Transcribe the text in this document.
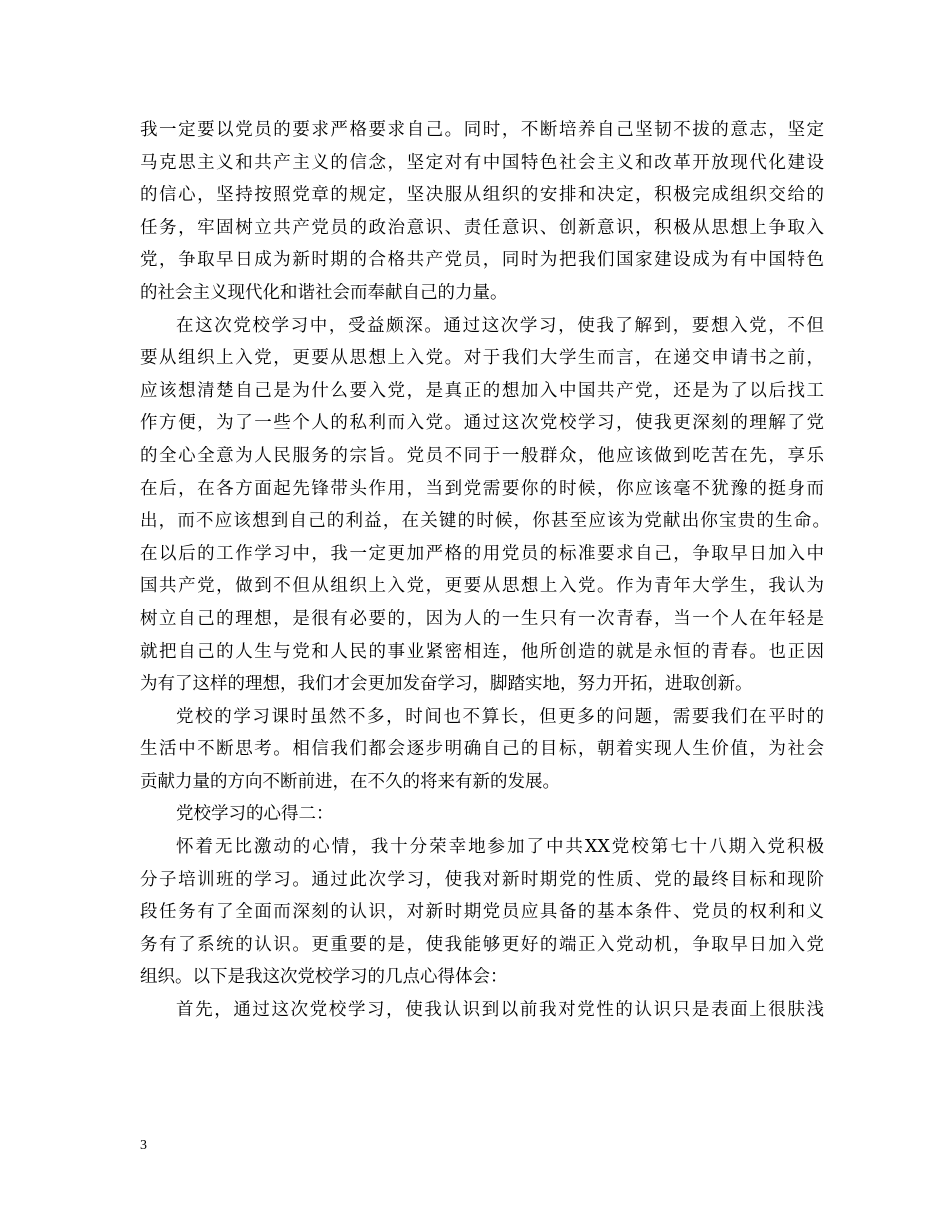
我一定要以党员的要求严格要求自己。同时，不断培养自己坚韧不拔的意志，坚定

马克思主义和共产主义的信念，坚定对有中国特色社会主义和改革开放现代化建设

的信心，坚持按照党章的规定，坚决服从组织的安排和决定，积极完成组织交给的

任务，牢固树立共产党员的政治意识、责任意识、创新意识，积极从思想上争取入

党，争取早日成为新时期的合格共产党员，同时为把我们国家建设成为有中国特色

的社会主义现代化和谐社会而奉献自己的力量。

在这次党校学习中，受益颇深。通过这次学习，使我了解到，要想入党，不但

要从组织上入党，更要从思想上入党。对于我们大学生而言，在递交申请书之前，

应该想清楚自己是为什么要入党，是真正的想加入中国共产党，还是为了以后找工

作方便，为了一些个人的私利而入党。通过这次党校学习，使我更深刻的理解了党

的全心全意为人民服务的宗旨。党员不同于一般群众，他应该做到吃苦在先，享乐

在后，在各方面起先锋带头作用，当到党需要你的时候，你应该毫不犹豫的挺身而

出，而不应该想到自己的利益，在关键的时候，你甚至应该为党献出你宝贵的生命。

在以后的工作学习中，我一定更加严格的用党员的标准要求自己，争取早日加入中

国共产党，做到不但从组织上入党，更要从思想上入党。作为青年大学生，我认为

树立自己的理想，是很有必要的，因为人的一生只有一次青春，当一个人在年轻是

就把自己的人生与党和人民的事业紧密相连，他所创造的就是永恒的青春。也正因

为有了这样的理想，我们才会更加发奋学习，脚踏实地，努力开拓，进取创新。

党校的学习课时虽然不多，时间也不算长，但更多的问题，需要我们在平时的

生活中不断思考。相信我们都会逐步明确自己的目标，朝着实现人生价值，为社会

贡献力量的方向不断前进，在不久的将来有新的发展。

党校学习的心得二：

怀着无比激动的心情，我十分荣幸地参加了中共XX党校第七十八期入党积极

分子培训班的学习。通过此次学习，使我对新时期党的性质、党的最终目标和现阶

段任务有了全面而深刻的认识，对新时期党员应具备的基本条件、党员的权利和义

务有了系统的认识。更重要的是，使我能够更好的端正入党动机，争取早日加入党

组织。以下是我这次党校学习的几点心得体会：

首先，通过这次党校学习，使我认识到以前我对党性的认识只是表面上很肤浅

3
